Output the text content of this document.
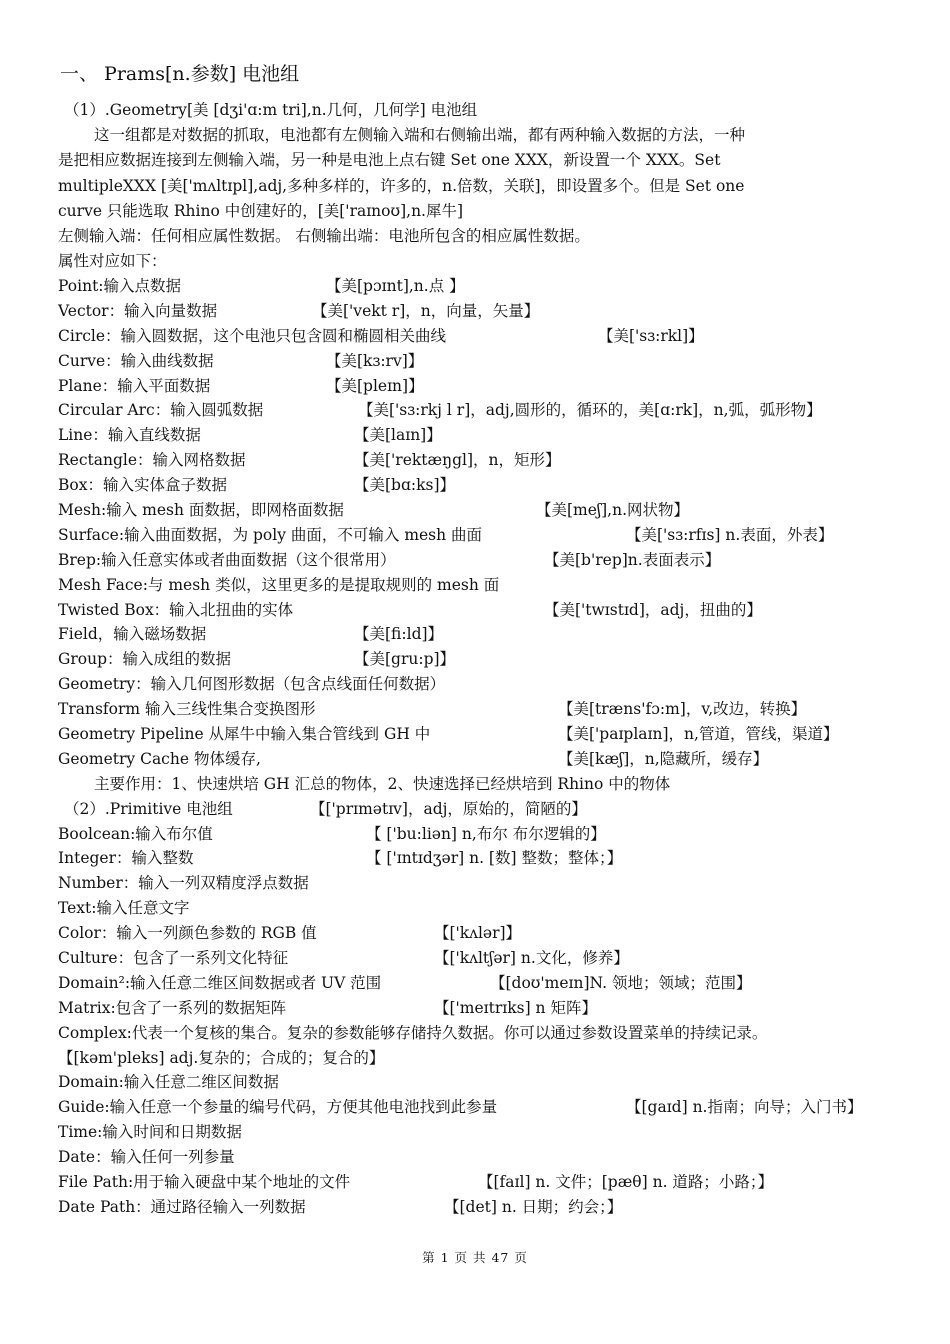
一、 Prams[n.参数] 电池组
（1）.Geometry[美 [dʒi'ɑ:m tri],n.几何，几何学] 电池组
这一组都是对数据的抓取，电池都有左侧输入端和右侧输出端，都有两种输入数据的方法，一种
是把相应数据连接到左侧输入端，另一种是电池上点右键 Set one XXX，新设置一个 XXX。Set
multipleXXX [美['mʌltɪpl],adj,多种多样的，许多的，n.倍数，关联]，即设置多个。但是 Set one
curve 只能选取 Rhino 中创建好的，[美['raɪnoʊ],n.犀牛]
左侧输入端：任何相应属性数据。 右侧输出端：电池所包含的相应属性数据。
属性对应如下：
Point:输入点数据	【美[pɔɪnt],n.点 】
Vector：输入向量数据	【美['vekt r]，n，向量，矢量】
Circle：输入圆数据，这个电池只包含圆和椭圆相关曲线	【美['sɜ:rkl]】
Curve：输入曲线数据	【美[kɜ:rv]】
Plane：输入平面数据	【美[pleɪn]】
Circular Arc：输入圆弧数据	【美['sɜ:rkj l r]，adj,圆形的，循环的，美[ɑ:rk]，n,弧，弧形物】
Line：输入直线数据	【美[laɪn]】
Rectangle：输入网格数据	【美['rektæŋgl]，n，矩形】
Box：输入实体盒子数据	【美[bɑ:ks]】
Mesh:输入 mesh 面数据，即网格面数据	【美[meʃ],n.网状物】
Surface:输入曲面数据，为 poly 曲面，不可输入 mesh 曲面	【美['sɜ:rfɪs] n.表面，外表】
Brep:输入任意实体或者曲面数据（这个很常用）	【美[b'rep]n.表面表示】
Mesh Face:与 mesh 类似，这里更多的是提取规则的 mesh 面
Twisted Box：输入北扭曲的实体	【美['twɪstɪd]，adj，扭曲的】
Field，输入磁场数据	【美[fi:ld]】
Group：输入成组的数据	【美[gru:p]】
Geometry：输入几何图形数据（包含点线面任何数据）
Transform 输入三线性集合变换图形	【美[træns'fɔ:m]，v,改边，转换】
Geometry Pipeline 从犀牛中输入集合管线到 GH 中	【美['paɪplaɪn]，n,管道，管线，渠道】
Geometry Cache 物体缓存,	【美[kæʃ]，n,隐藏所，缓存】
主要作用：1、快速烘培 GH 汇总的物体，2、快速选择已经烘培到 Rhino 中的物体
（2）.Primitive 电池组	【['prɪmətɪv]，adj，原始的，简陋的】
Boolcean:输入布尔值	【 ['bu:liən] n,布尔 布尔逻辑的】
Integer：输入整数	【 ['ɪntɪdʒər] n. [数] 整数；整体；】
Number：输入一列双精度浮点数据
Text:输入任意文字
Color：输入一列颜色参数的 RGB 值	【['kʌlər]】
Culture：包含了一系列文化特征	【['kʌltʃər] n.文化，修养】
Domain²:输入任意二维区间数据或者 UV 范围	【[doʊ'meɪn]N. 领地；领域；范围】
Matrix:包含了一系列的数据矩阵	【['meɪtrɪks] n 矩阵】
Complex:代表一个复核的集合。复杂的参数能够存储持久数据。你可以通过参数设置菜单的持续记录。
【[kəm'pleks] adj.复杂的；合成的；复合的】
Domain:输入任意二维区间数据
Guide:输入任意一个参量的编号代码，方便其他电池找到此参量	【[gaɪd] n.指南；向导；入门书】
Time:输入时间和日期数据
Date：输入任何一列参量
File Path:用于输入硬盘中某个地址的文件	【[faɪl] n. 文件；[pæθ] n. 道路；小路；】
Date Path：通过路径输入一列数据	【[det] n. 日期；约会；】
第 1 页 共 47 页
